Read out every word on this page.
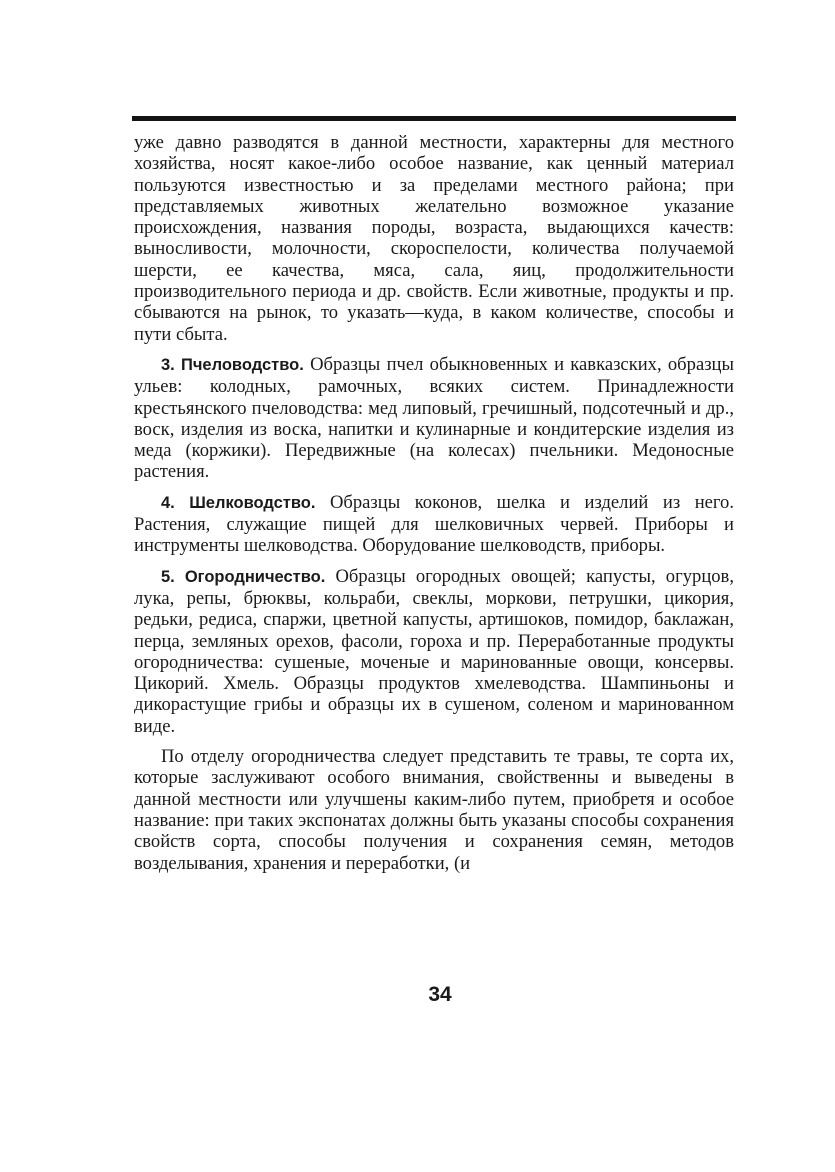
уже давно разводятся в данной местности, характерны для местного хозяйства, носят какое-либо особое название, как ценный материал пользуются известностью и за пределами местного района; при представляемых животных желательно возможное указание происхождения, названия породы, возраста, выдающихся качеств: выносливости, молочности, скороспелости, количества получаемой шерсти, ее качества, мяса, сала, яиц, продолжительности производительного периода и др. свойств. Если животные, продукты и пр. сбываются на рынок, то указать—куда, в каком количестве, способы и пути сбыта.

3. Пчеловодство. Образцы пчел обыкновенных и кавказских, образцы ульев: колодных, рамочных, всяких систем. Принадлежности крестьянского пчеловодства: мед липовый, гречишный, подсотечный и др., воск, изделия из воска, напитки и кулинарные и кондитерские изделия из меда (коржики). Передвижные (на колесах) пчельники. Медоносные растения.

4. Шелководство. Образцы коконов, шелка и изделий из него. Растения, служащие пищей для шелковичных червей. Приборы и инструменты шелководства. Оборудование шелководств, приборы.

5. Огородничество. Образцы огородных овощей; капусты, огурцов, лука, репы, брюквы, кольраби, свеклы, моркови, петрушки, цикория, редьки, редиса, спаржи, цветной капусты, артишоков, помидор, баклажан, перца, земляных орехов, фасоли, гороха и пр. Переработанные продукты огородничества: сушеные, моченые и маринованные овощи, консервы. Цикорий. Хмель. Образцы продуктов хмелеводства. Шампиньоны и дикорастущие грибы и образцы их в сушеном, соленом и маринованном виде.

По отделу огородничества следует представить те травы, те сорта их, которые заслуживают особого внимания, свойственны и выведены в данной местности или улучшены каким-либо путем, приобретя и особое название: при таких экспонатах должны быть указаны способы сохранения свойств сорта, способы получения и сохранения семян, методов возделывания, хранения и переработки, (и

34
